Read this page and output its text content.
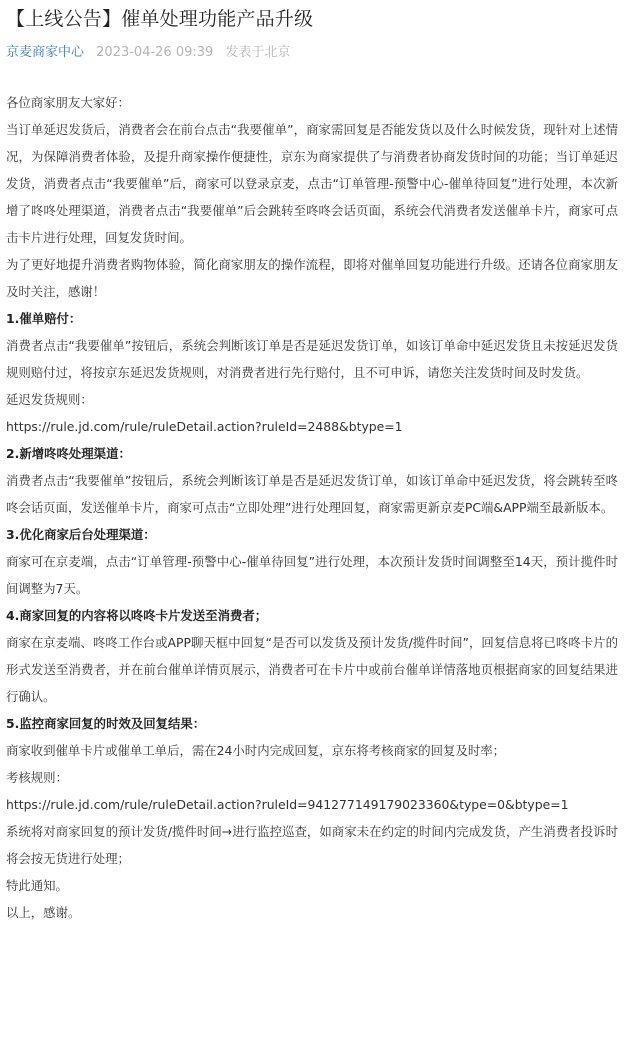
【上线公告】催单处理功能产品升级
京麦商家中心 2023-04-26 09:39 发表于北京

各位商家朋友大家好：

当订单延迟发货后，消费者会在前台点击“我要催单”，商家需回复是否能发货以及什么时候发货，现针对上述情况，为保障消费者体验，及提升商家操作便捷性，京东为商家提供了与消费者协商发货时间的功能；当订单延迟发货，消费者点击“我要催单”后，商家可以登录京麦，点击“订单管理-预警中心-催单待回复”进行处理，本次新增了咚咚处理渠道，消费者点击“我要催单”后会跳转至咚咚会话页面，系统会代消费者发送催单卡片，商家可点击卡片进行处理，回复发货时间。

为了更好地提升消费者购物体验，简化商家朋友的操作流程，即将对催单回复功能进行升级。还请各位商家朋友及时关注，感谢！

1.催单赔付：

消费者点击“我要催单”按钮后，系统会判断该订单是否是延迟发货订单，如该订单命中延迟发货且未按延迟发货规则赔付过，将按京东延迟发货规则，对消费者进行先行赔付，且不可申诉，请您关注发货时间及时发货。

延迟发货规则：

https://rule.jd.com/rule/ruleDetail.action?ruleId=2488&btype=1

2.新增咚咚处理渠道：

消费者点击“我要催单”按钮后，系统会判断该订单是否是延迟发货订单，如该订单命中延迟发货，将会跳转至咚咚会话页面，发送催单卡片，商家可点击“立即处理”进行处理回复，商家需更新京麦PC端&APP端至最新版本。

3.优化商家后台处理渠道：

商家可在京麦端，点击“订单管理-预警中心-催单待回复”进行处理，本次预计发货时间调整至14天，预计揽件时间调整为7天。

4.商家回复的内容将以咚咚卡片发送至消费者；

商家在京麦端、咚咚工作台或APP聊天框中回复“是否可以发货及预计发货/揽件时间”，回复信息将已咚咚卡片的形式发送至消费者，并在前台催单详情页展示，消费者可在卡片中或前台催单详情落地页根据商家的回复结果进行确认。

5.监控商家回复的时效及回复结果：

商家收到催单卡片或催单工单后，需在24小时内完成回复，京东将考核商家的回复及时率；

考核规则：

https://rule.jd.com/rule/ruleDetail.action?ruleId=941277149179023360&type=0&btype=1

系统将对商家回复的预计发货/揽件时间→进行监控巡查，如商家未在约定的时间内完成发货，产生消费者投诉时将会按无货进行处理；

特此通知。

以上，感谢。
